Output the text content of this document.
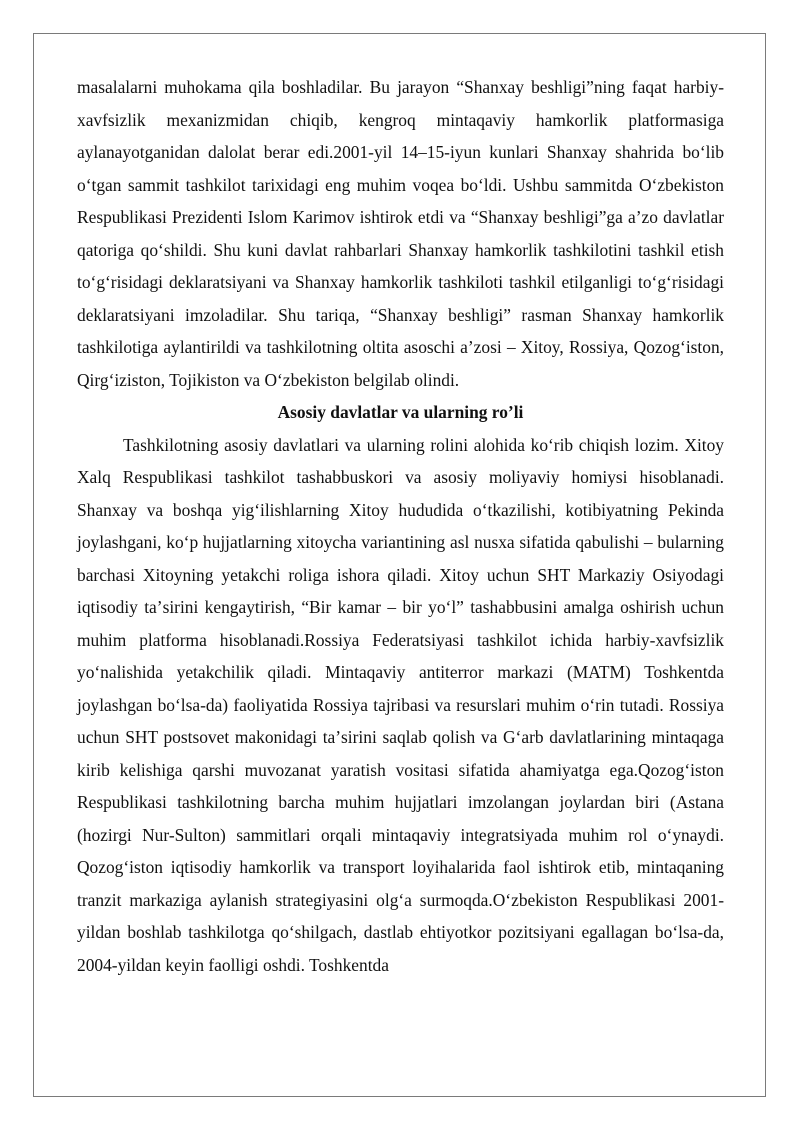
masalalarni muhokama qila boshladilar. Bu jarayon “Shanxay beshligi”ning faqat harbiy-xavfsizlik mexanizmidan chiqib, kengroq mintaqaviy hamkorlik platformasiga aylanayotganidan dalolat berar edi.2001-yil 14–15-iyun kunlari Shanxay shahrida boʻlib oʻtgan sammit tashkilot tarixidagi eng muhim voqea boʻldi. Ushbu sammitda Oʻzbekiston Respublikasi Prezidenti Islom Karimov ishtirok etdi va “Shanxay beshligi”ga aʼzo davlatlar qatoriga qoʻshildi. Shu kuni davlat rahbarlari Shanxay hamkorlik tashkilotini tashkil etish toʻgʻrisidagi deklaratsiyani va Shanxay hamkorlik tashkiloti tashkil etilganligi toʻgʻrisidagi deklaratsiyani imzoladilar. Shu tariqa, “Shanxay beshligi” rasman Shanxay hamkorlik tashkilotiga aylantirildi va tashkilotning oltita asoschi aʼzosi – Xitoy, Rossiya, Qozogʻiston, Qirgʻiziston, Tojikiston va Oʻzbekiston belgilab olindi.

Asosiy davlatlar va ularning roʼli

Tashkilotning asosiy davlatlari va ularning rolini alohida koʻrib chiqish lozim. Xitoy Xalq Respublikasi tashkilot tashabbuskori va asosiy moliyaviy homiysi hisoblanadi. Shanxay va boshqa yigʻilishlarning Xitoy hududida oʻtkazilishi, kotibiyatning Pekinda joylashgani, koʻp hujjatlarning xitoycha variantining asl nusxa sifatida qabulishi – bularning barchasi Xitoyning yetakchi roliga ishora qiladi. Xitoy uchun SHT Markaziy Osiyodagi iqtisodiy taʼsirini kengaytirish, “Bir kamar – bir yoʻl” tashabbusini amalga oshirish uchun muhim platforma hisoblanadi.Rossiya Federatsiyasi tashkilot ichida harbiy-xavfsizlik yoʻnalishida yetakchilik qiladi. Mintaqaviy antiterror markazi (MATM) Toshkentda joylashgan boʻlsa-da) faoliyatida Rossiya tajribasi va resurslari muhim oʻrin tutadi. Rossiya uchun SHT postsovet makonidagi taʼsirini saqlab qolish va Gʻarb davlatlarining mintaqaga kirib kelishiga qarshi muvozanat yaratish vositasi sifatida ahamiyatga ega.Qozogʻiston Respublikasi tashkilotning barcha muhim hujjatlari imzolangan joylardan biri (Astana (hozirgi Nur-Sulton) sammitlari orqali mintaqaviy integratsiyada muhim rol oʻynaydi. Qozogʻiston iqtisodiy hamkorlik va transport loyihalarida faol ishtirok etib, mintaqaning tranzit markaziga aylanish strategiyasini olgʻa surmoqda.Oʻzbekiston Respublikasi 2001-yildan boshlab tashkilotga qoʻshilgach, dastlab ehtiyotkor pozitsiyani egallagan boʻlsa-da, 2004-yildan keyin faolligi oshdi. Toshkentda
